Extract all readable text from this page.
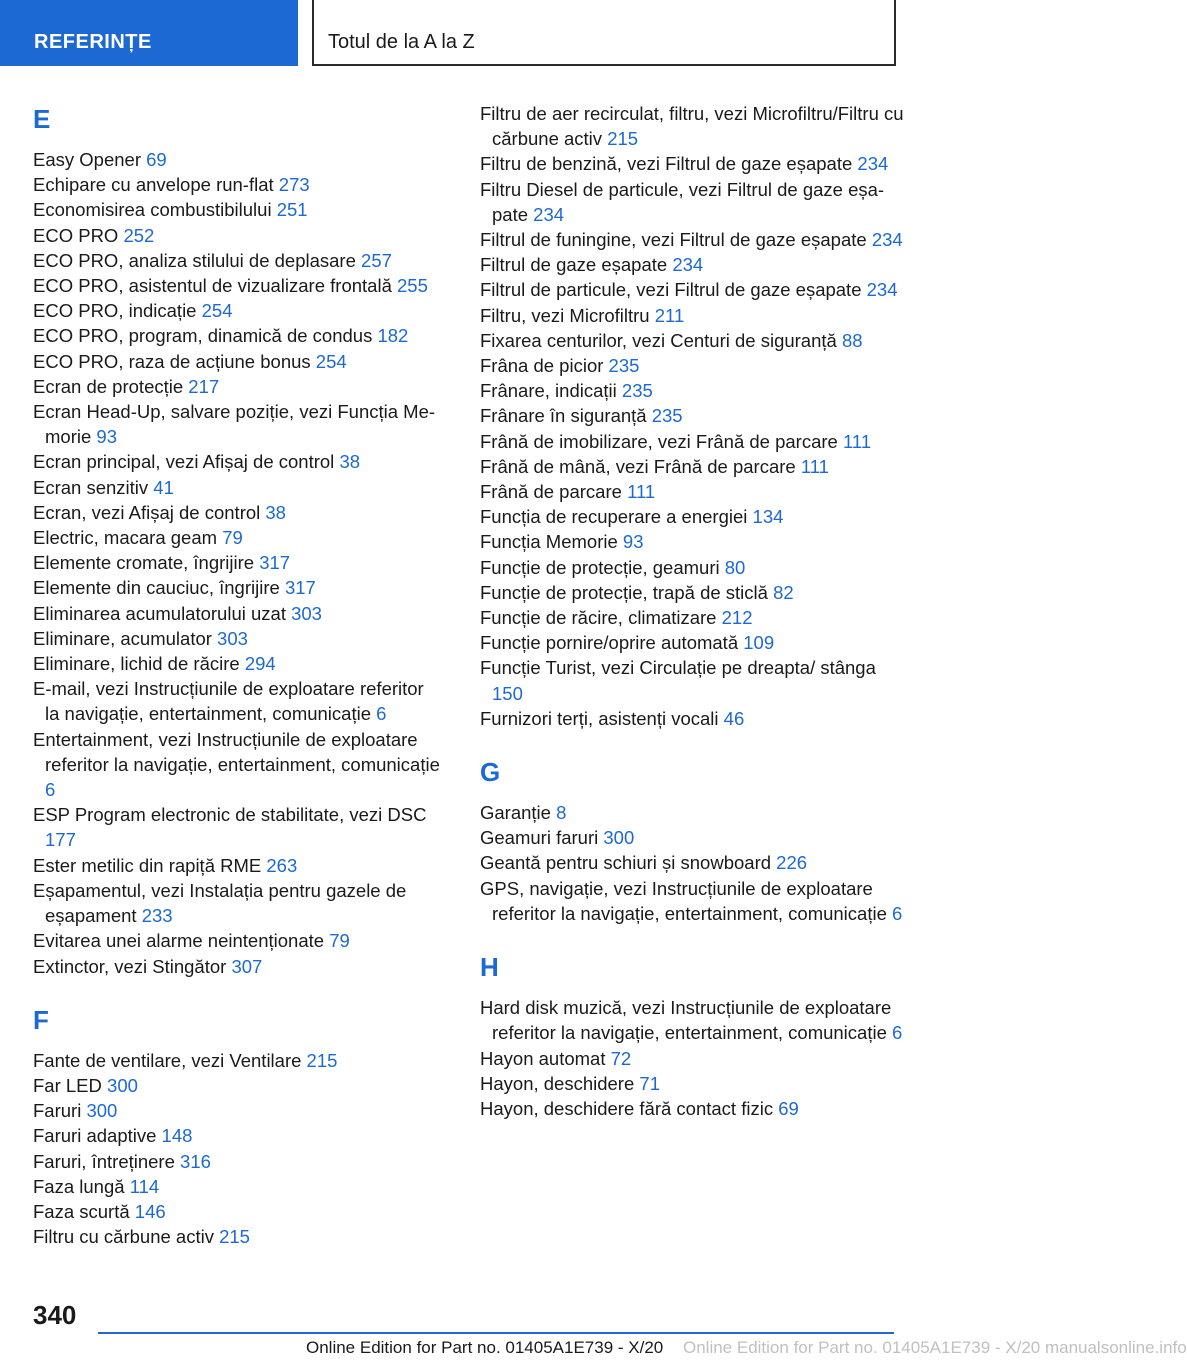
REFERINȚE	Totul de la A la Z
E

Easy Opener 69

Echipare cu anvelope run-flat 273

Economisirea combustibilului 251

ECO PRO 252

ECO PRO, analiza stilului de deplasare 257

ECO PRO, asistentul de vizualizare frontală 255

ECO PRO, indicație 254

ECO PRO, program, dinamică de condus 182

ECO PRO, raza de acțiune bonus 254

Ecran de protecție 217

Ecran Head-Up, salvare poziție, vezi Funcția Memorie 93

Ecran principal, vezi Afișaj de control 38

Ecran senzitiv 41

Ecran, vezi Afișaj de control 38

Electric, macara geam 79

Elemente cromate, îngrijire 317

Elemente din cauciuc, îngrijire 317

Eliminarea acumulatorului uzat 303

Eliminare, acumulator 303

Eliminare, lichid de răcire 294

E-mail, vezi Instrucțiunile de exploatare referitor la navigație, entertainment, comunicație 6

Entertainment, vezi Instrucțiunile de exploatare referitor la navigație, entertainment, comunicație 6

ESP Program electronic de stabilitate, vezi DSC 177

Ester metilic din rapiță RME 263

Eșapamentul, vezi Instalația pentru gazele de eșapament 233

Evitarea unei alarme neintenționate 79

Extinctor, vezi Stingător 307

F

Fante de ventilare, vezi Ventilare 215

Far LED 300

Faruri 300

Faruri adaptive 148

Faruri, întreținere 316

Faza lungă 114

Faza scurtă 146

Filtru cu cărbune activ 215

Filtru de aer recirculat, filtru, vezi Microfiltru/Filtru cu cărbune activ 215

Filtru de benzină, vezi Filtrul de gaze eșapate 234

Filtru Diesel de particule, vezi Filtrul de gaze eșapate 234

Filtrul de funingine, vezi Filtrul de gaze eșapate 234

Filtrul de gaze eșapate 234

Filtrul de particule, vezi Filtrul de gaze eșapate 234

Filtru, vezi Microfiltru 211

Fixarea centurilor, vezi Centuri de siguranță 88

Frâna de picior 235

Frânare, indicații 235

Frânare în siguranță 235

Frână de imobilizare, vezi Frână de parcare 111

Frână de mână, vezi Frână de parcare 111

Frână de parcare 111

Funcția de recuperare a energiei 134

Funcția Memorie 93

Funcție de protecție, geamuri 80

Funcție de protecție, trapă de sticlă 82

Funcție de răcire, climatizare 212

Funcție pornire/oprire automată 109

Funcție Turist, vezi Circulație pe dreapta/ stânga 150

Furnizori terți, asistenți vocali 46

G

Garanție 8

Geamuri faruri 300

Geantă pentru schiuri și snowboard 226

GPS, navigație, vezi Instrucțiunile de exploatare referitor la navigație, entertainment, comunicație 6

H

Hard disk muzică, vezi Instrucțiunile de exploatare referitor la navigație, entertainment, comunicație 6

Hayon automat 72

Hayon, deschidere 71

Hayon, deschidere fără contact fizic 69

340
Online Edition for Part no. 01405A1E739 - X/20 manualsonline.info
Online Edition for Part no. 01405A1E739 - X/20
